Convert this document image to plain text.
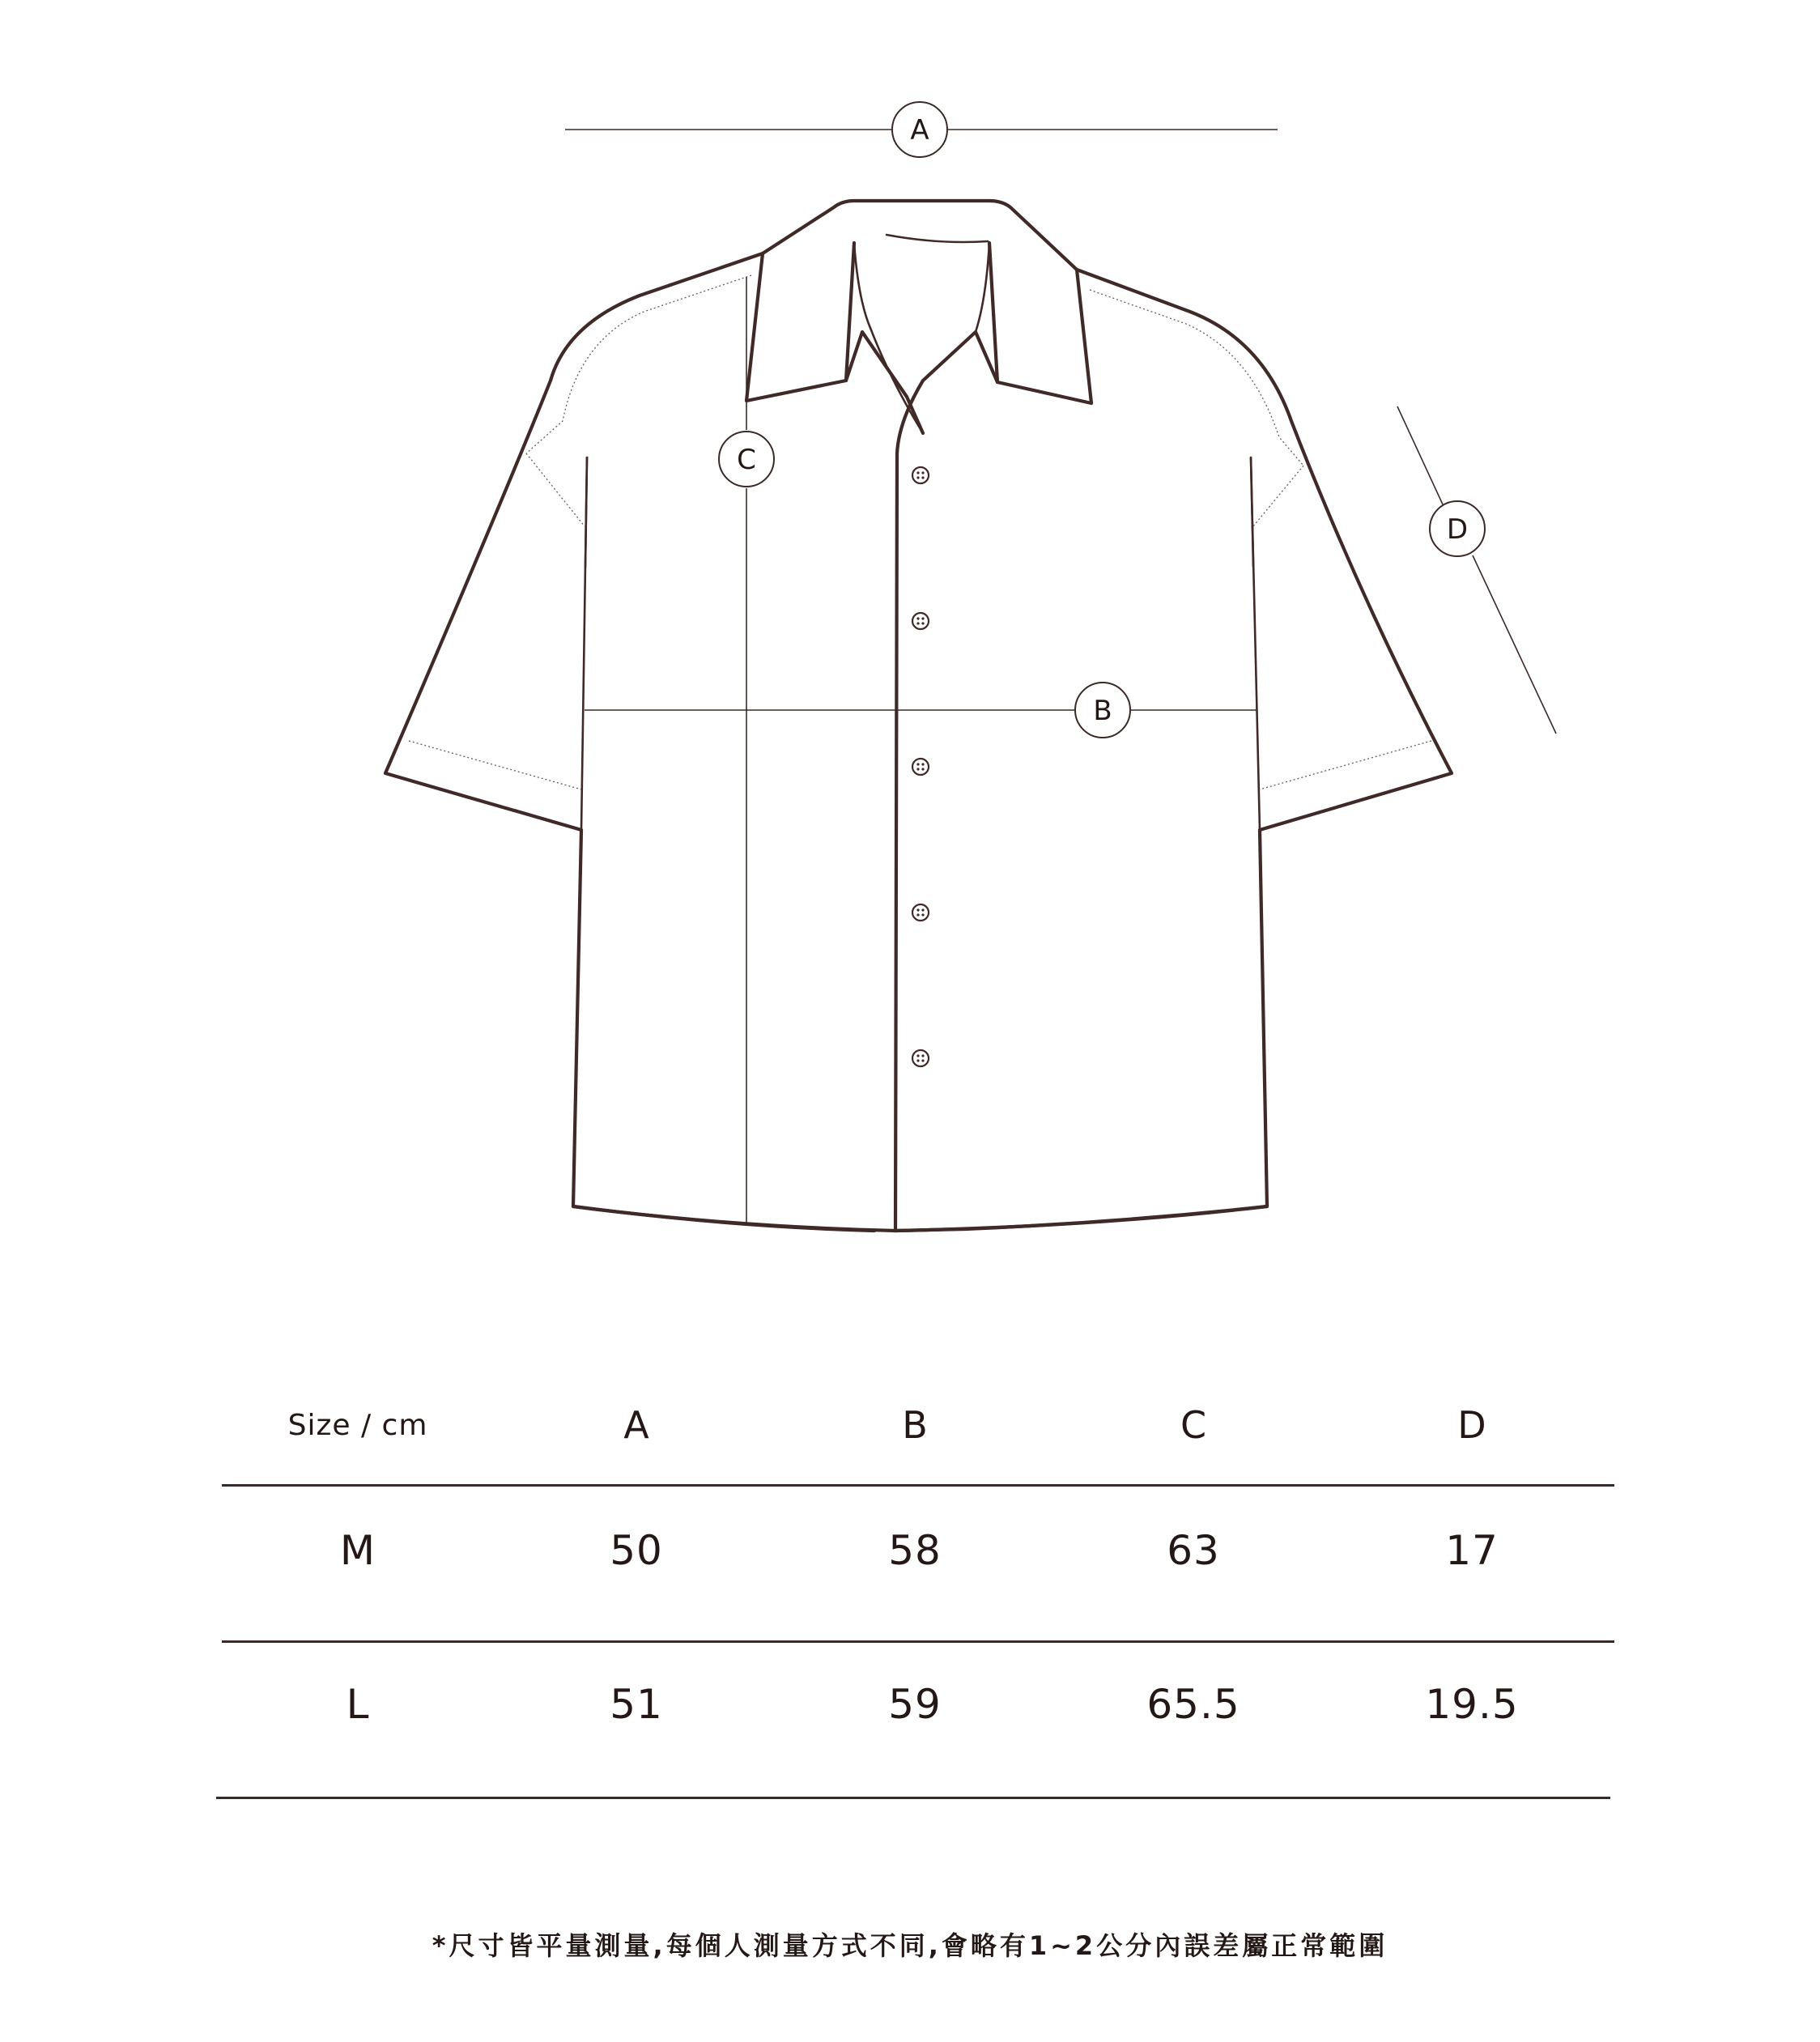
A
B
C
D
Size / cm	A	B	C	D
M	50	58	63	17
L	51	59	65.5	19.5
*尺寸皆平量測量,每個人測量方式不同,會略有1~2公分內誤差屬正常範圍
